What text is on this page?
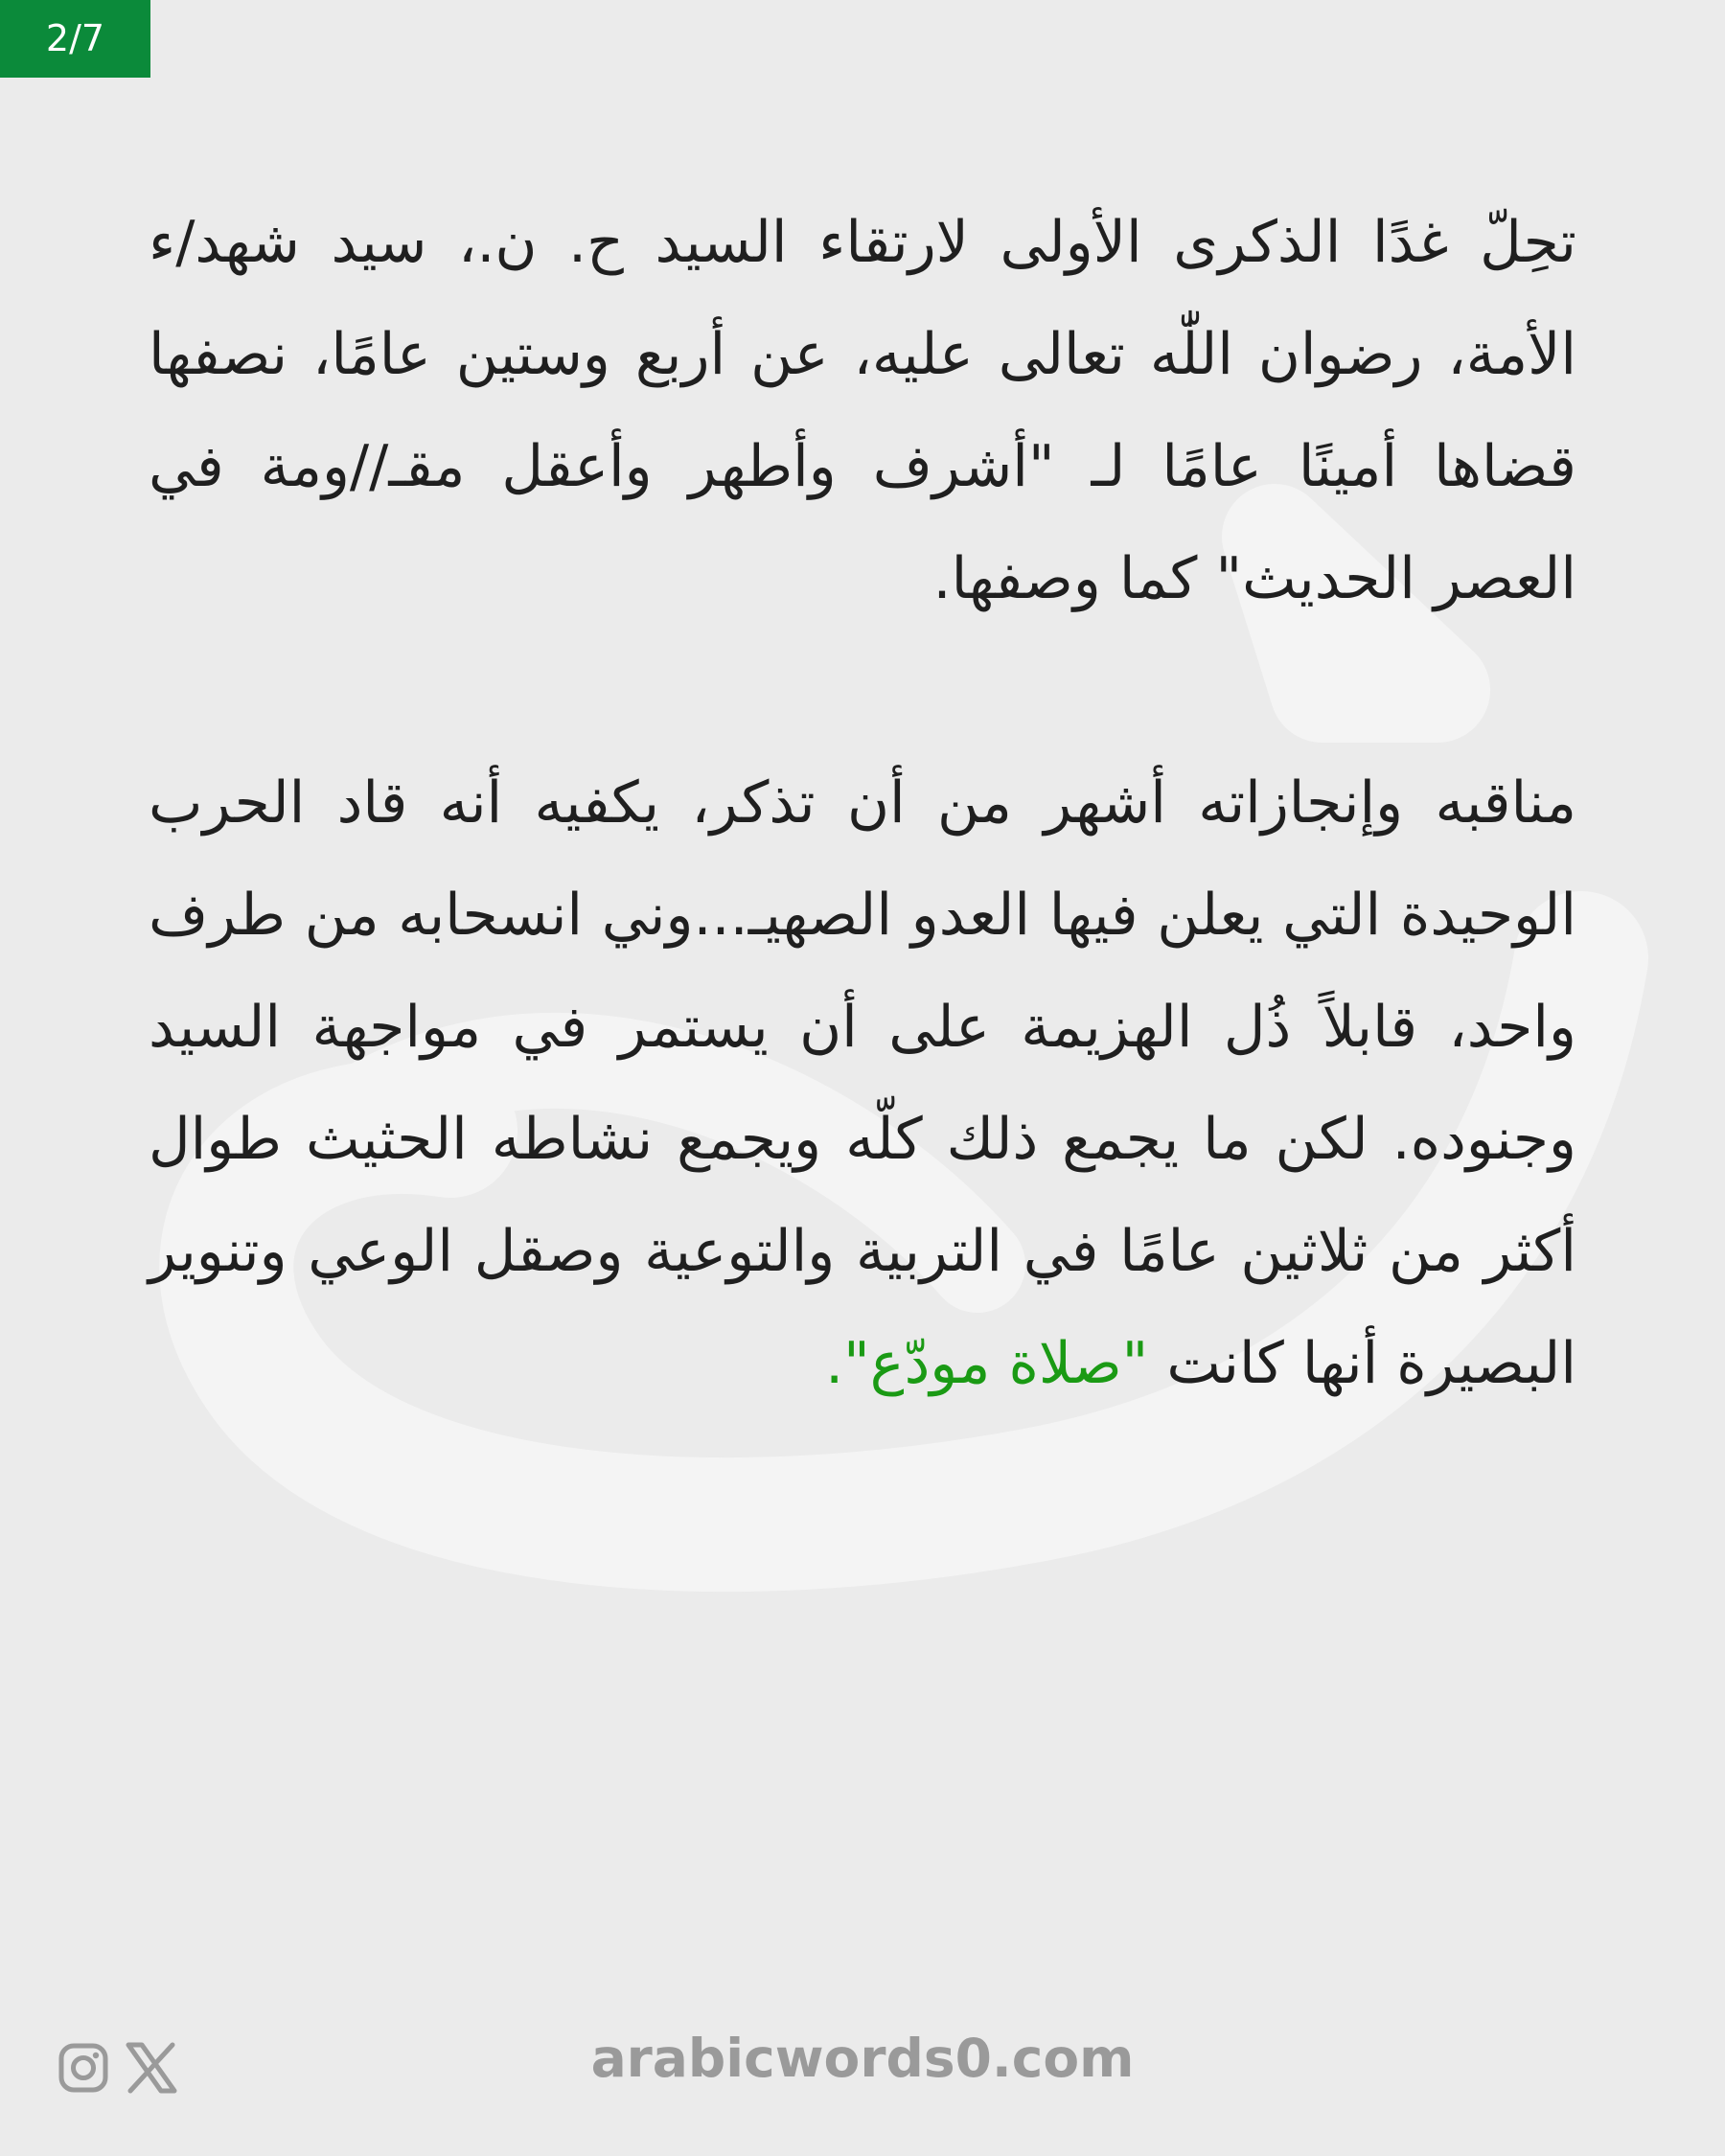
2/7

تحِلّ غدًا الذكرى الأولى لارتقاء السيد ح. ن.، سيد شهد/ء الأمة، رضوان اللّٰه تعالى عليه، عن أربع وستين عامًا، نصفها قضاها أمينًا عامًا لـ "أشرف وأطهر وأعقل مقـ//ومة في العصر الحديث" كما وصفها.

مناقبه وإنجازاته أشهر من أن تذكر، يكفيه أنه قاد الحرب الوحيدة التي يعلن فيها العدو الصهيـ...وني انسحابه من طرف واحد، قابلاً ذُل الهزيمة على أن يستمر في مواجهة السيد وجنوده. لكن ما يجمع ذلك كلّه ويجمع نشاطه الحثيث طوال أكثر من ثلاثين عامًا في التربية والتوعية وصقل الوعي وتنوير البصيرة أنها كانت "صلاة مودّع".

arabicwords0.com
